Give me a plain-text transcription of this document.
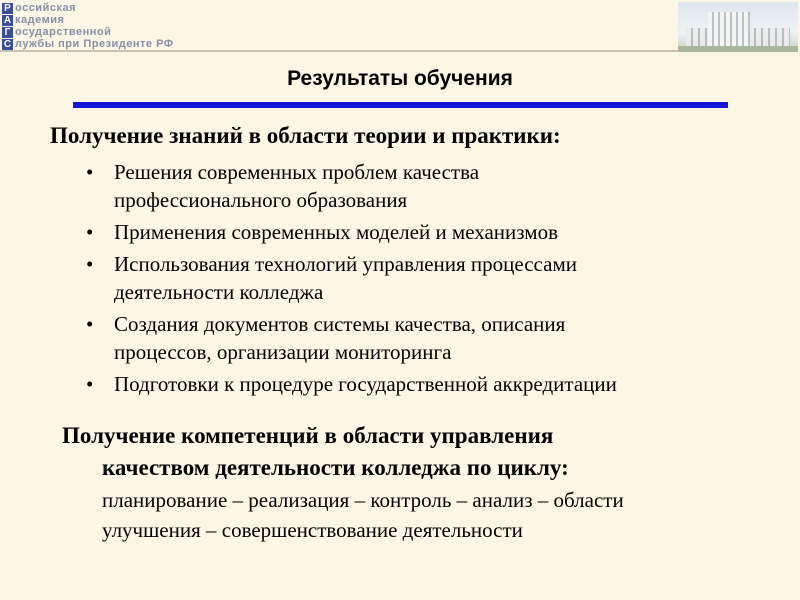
Р
А
Г
С
оссийская
кадемия
осударственной
лужбы при Президенте РФ
Результаты обучения
Получение знаний в области теории и практики:
• Решения современных проблем качества
профессионального образования
• Применения современных моделей и механизмов
• Использования технологий управления процессами
деятельности колледжа
• Создания документов системы качества, описания
процессов, организации мониторинга
• Подготовки к процедуре государственной аккредитации
Получение компетенций в области управления
качеством деятельности колледжа по циклу:
планирование – реализация – контроль – анализ – области
улучшения – совершенствование деятельности
